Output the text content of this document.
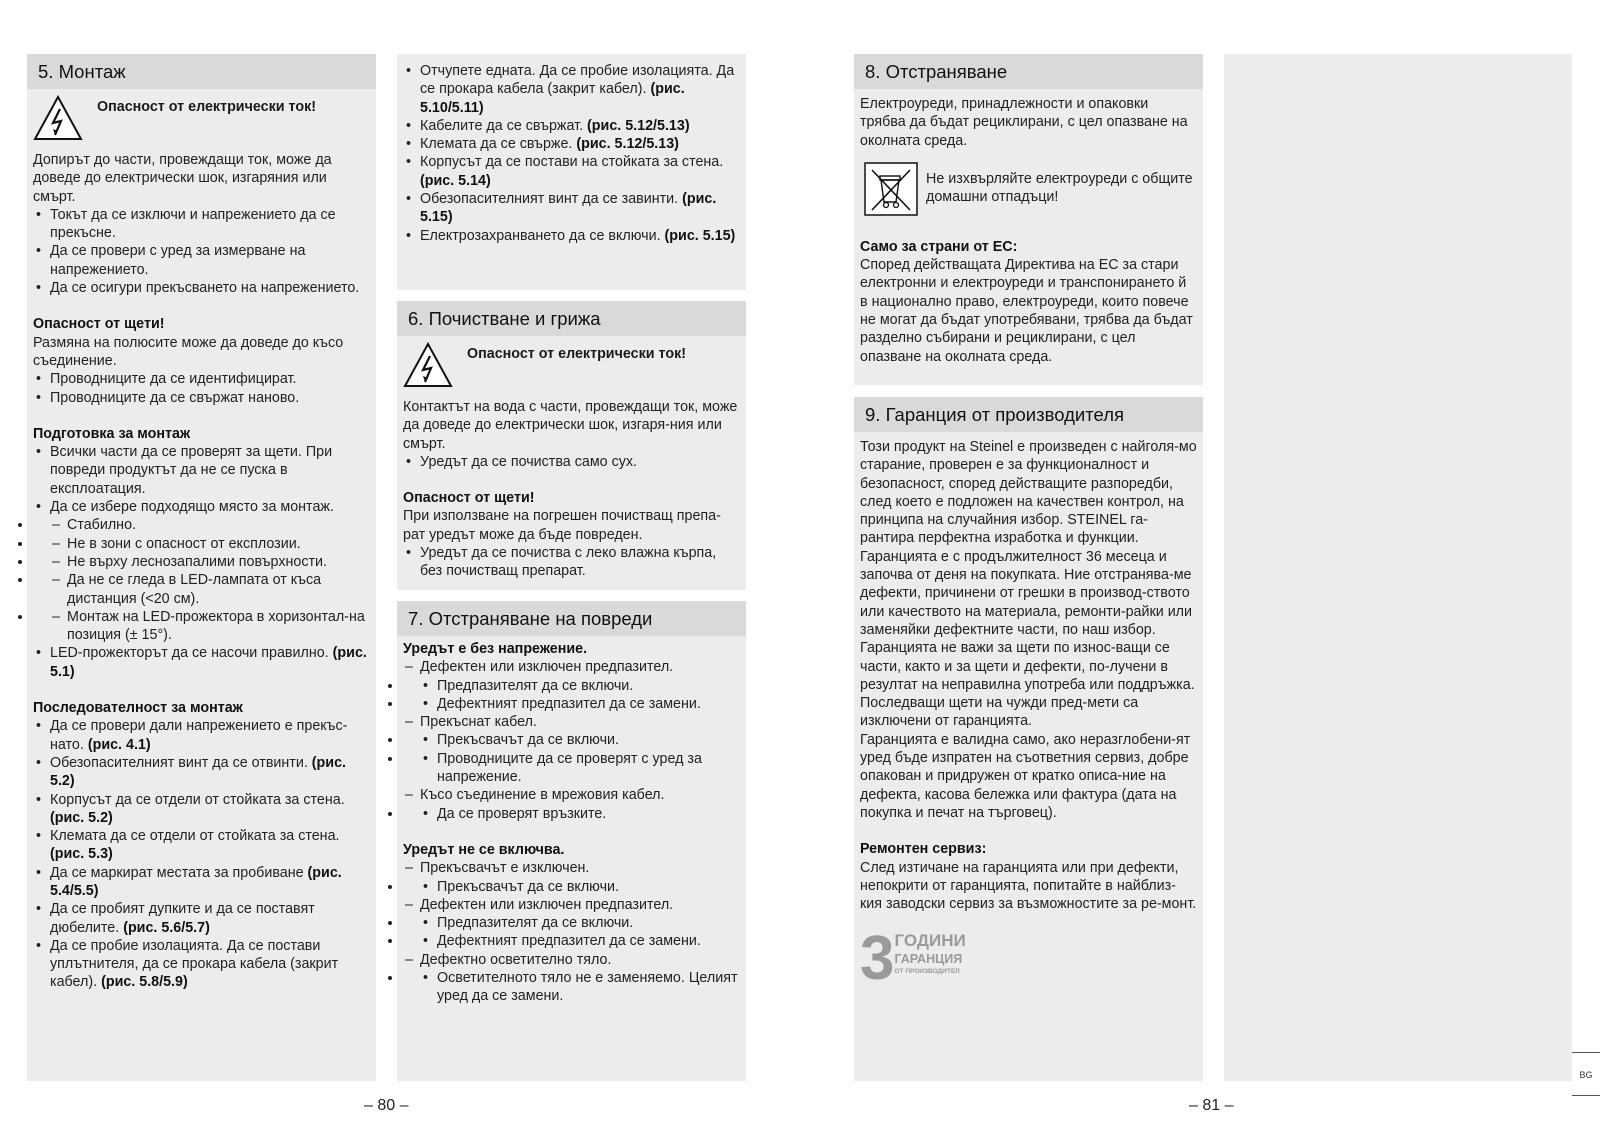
5. Монтаж
Опасност от електрически ток!

Допирът до части, провеждащи ток, може да доведе до електрически шок, изгаряния или смърт.

• Токът да се изключи и напрежението да се прекъсне.
• Да се провери с уред за измерване на напрежението.
• Да се осигури прекъсването на напрежението.

Опасност от щети!

Размяна на полюсите може да доведе до късо съединение.

• Проводниците да се идентифицират.
• Проводниците да се свържат наново.

Подготовка за монтаж

• Всички части да се проверят за щети. При повреди продуктът да не се пуска в експлоатация.
• Да се избере подходящо място за монтаж.
– • Стабилно.
– • Не в зони с опасност от експлозии.
– • Не върху леснозапалими повърхности.
– • Да не се гледа в LED-лампата от къса дистанция (<20 см).
– • Монтаж на LED-прожектора в хоризонтал-на позиция (± 15°).
• LED-прожекторът да се насочи правилно. (рис. 5.1)

Последователност за монтаж

• Да се провери дали напрежението е прекъс-нато. (рис. 4.1)
• Обезопасителният винт да се отвинти. (рис. 5.2)
• Корпусът да се отдели от стойката за стена. (рис. 5.2)
• Клемата да се отдели от стойката за стена. (рис. 5.3)
• Да се маркират местата за пробиване (рис. 5.4/5.5)
• Да се пробият дупките и да се поставят дюбелите. (рис. 5.6/5.7)
• Да се пробие изолацията. Да се постави уплътнителя, да се прокара кабела (закрит кабел). (рис. 5.8/5.9)
• Отчупете едната. Да се пробие изолацията. Да се прокара кабела (закрит кабел). (рис. 5.10/5.11)
• Кабелите да се свържат. (рис. 5.12/5.13)
• Клемата да се свърже. (рис. 5.12/5.13)
• Корпусът да се постави на стойката за стена. (рис. 5.14)
• Обезопасителният винт да се завинти. (рис. 5.15)
• Електрозахранването да се включи. (рис. 5.15)
6. Почистване и грижа
Опасност от електрически ток!

Контактът на вода с части, провеждащи ток, може да доведе до електрически шок, изгаря-ния или смърт.

• Уредът да се почиства само сух.

Опасност от щети!

При използване на погрешен почистващ препа-рат уредът може да бъде повреден.

• Уредът да се почиства с леко влажна кърпа, без почистващ препарат.
7. Отстраняване на повреди

Уредът е без напрежение.

– Дефектен или изключен предпазител.
• • Предпазителят да се включи.
• • Дефектният предпазител да се замени.
– Прекъснат кабел.
• • Прекъсвачът да се включи.
• • Проводниците да се проверят с уред за напрежение.
– Късо съединение в мрежовия кабел.
• • Да се проверят връзките.

Уредът не се включва.

– Прекъсвачът е изключен.
• • Прекъсвачът да се включи.
– Дефектен или изключен предпазител.
• • Предпазителят да се включи.
• • Дефектният предпазител да се замени.
– Дефектно осветително тяло.
• • Осветителното тяло не е заменяемо. Целият уред да се замени.
8. Отстраняване

Електроуреди, принадлежности и опаковки трябва да бъдат рециклирани, с цел опазване на околната среда.

Не изхвърляйте електроуреди с общите домашни отпадъци!

Само за страни от ЕС:

Според действащата Директива на ЕС за стари електронни и електроуреди и транспонирането й в национално право, електроуреди, които повече не могат да бъдат употребявани, трябва да бъдат разделно събирани и рециклирани, с цел опазване на околната среда.

9. Гаранция от производителя

Този продукт на Steinel е произведен с найголя-мо старание, проверен е за функционалност и безопасност, според действащите разпоредби, след което е подложен на качествен контрол, на принципа на случайния избор. STEINEL га-рантира перфектна изработка и функции. Гаранцията е с продължителност 36 месеца и започва от деня на покупката. Ние отстранява-ме дефекти, причинени от грешки в производ-ството или качеството на материала, ремонти-райки или заменяйки дефектните части, по наш избор. Гаранцията не важи за щети по износ-ващи се части, както и за щети и дефекти, по-лучени в резултат на неправилна употреба или поддръжка. Последващи щети на чужди пред-мети са изключени от гаранцията.

Гаранцията е валидна само, ако неразглобени-ят уред бъде изпратен на съответния сервиз, добре опакован и придружен от кратко описа-ние на дефекта, касова бележка или фактура (дата на покупка и печат на търговец).

Ремонтен сервиз:

След изтичане на гаранцията или при дефекти, непокрити от гаранцията, попитайте в найблиз-кия заводски сервиз за възможностите за ре-монт.

3 ГОДИНИ
ГАРАНЦИЯ
ОТ ПРОИЗВОДИТЕЛ
– 80 –	– 81 –
BG
